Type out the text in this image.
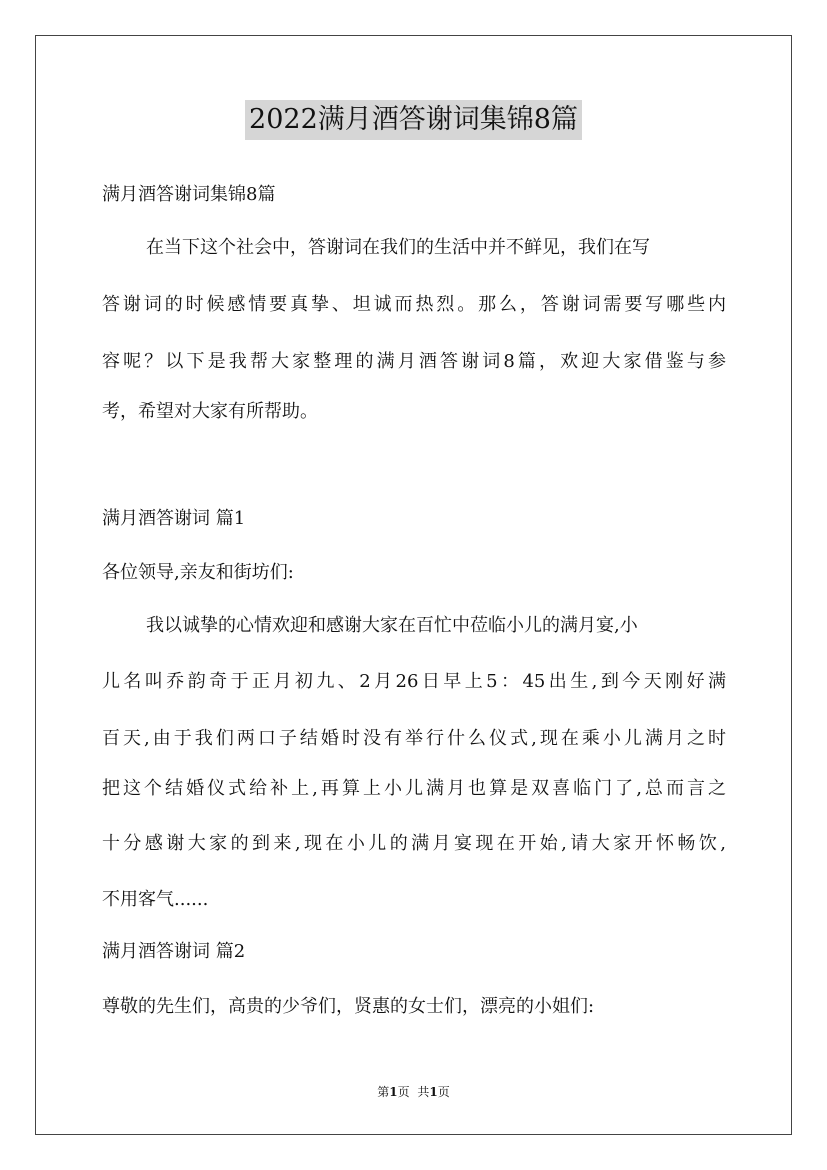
2022满月酒答谢词集锦8篇
满月酒答谢词集锦8篇
在当下这个社会中，答谢词在我们的生活中并不鲜见，我们在写
答谢词的时候感情要真挚、坦诚而热烈。那么，答谢词需要写哪些内
容呢？以下是我帮大家整理的满月酒答谢词8篇，欢迎大家借鉴与参
考，希望对大家有所帮助。
满月酒答谢词 篇1
各位领导,亲友和街坊们:
我以诚挚的心情欢迎和感谢大家在百忙中莅临小儿的满月宴,小
儿名叫乔韵奇于正月初九、2月26日早上5：45出生,到今天刚好满
百天,由于我们两口子结婚时没有举行什么仪式,现在乘小儿满月之时
把这个结婚仪式给补上,再算上小儿满月也算是双喜临门了,总而言之
十分感谢大家的到来,现在小儿的满月宴现在开始,请大家开怀畅饮,
不用客气......
满月酒答谢词 篇2
尊敬的先生们，高贵的少爷们，贤惠的女士们，漂亮的小姐们:
第1页 共1页
